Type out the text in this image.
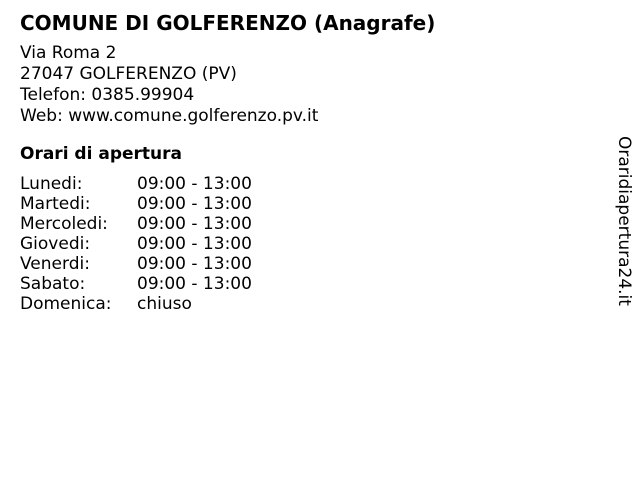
COMUNE DI GOLFERENZO (Anagrafe)
Via Roma 2
27047 GOLFERENZO (PV)
Telefon: 0385.99904
Web: www.comune.golferenzo.pv.it
Orari di apertura
Lunedi:	09:00 - 13:00
Martedi:	09:00 - 13:00
Mercoledi: 09:00 - 13:00
Giovedi:	09:00 - 13:00
Venerdi:	09:00 - 13:00
Sabato:	09:00 - 13:00
Domenica: chiuso	Oraridiapertura24.it
